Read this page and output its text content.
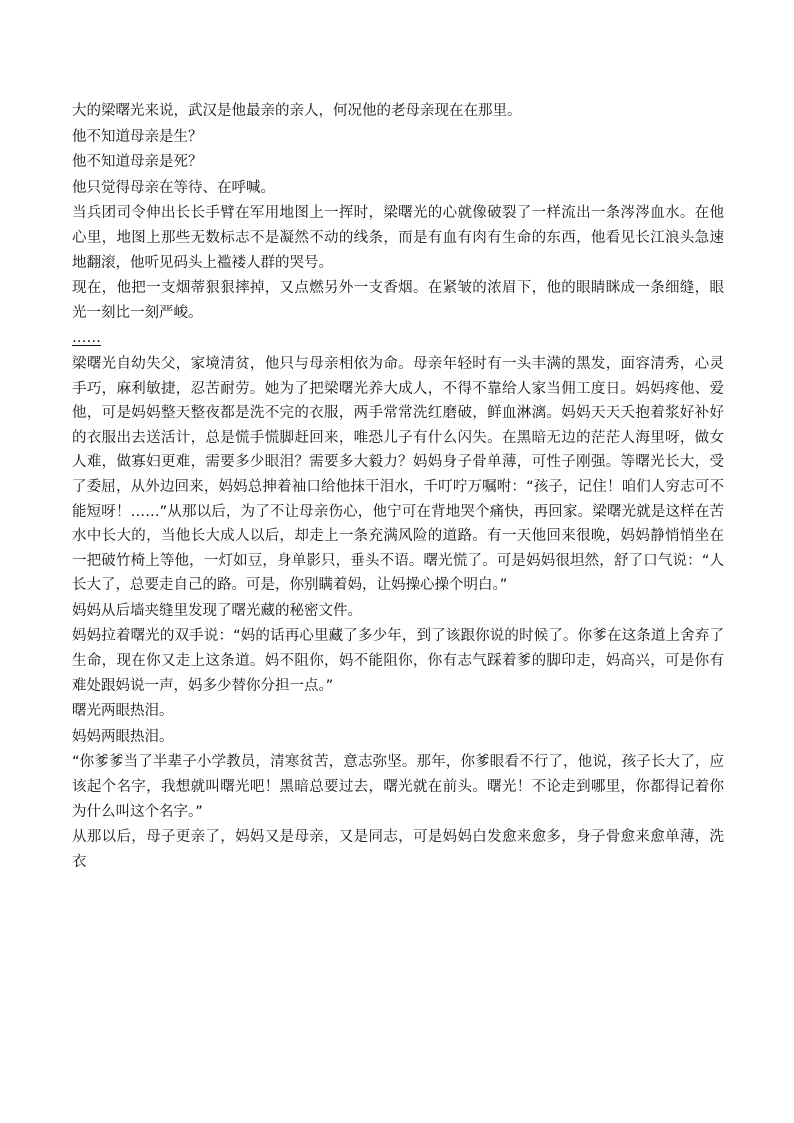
大的梁曙光来说，武汉是他最亲的亲人，何况他的老母亲现在在那里。

他不知道母亲是生？

他不知道母亲是死？

他只觉得母亲在等待、在呼喊。

当兵团司令伸出长长手臂在军用地图上一挥时，梁曙光的心就像破裂了一样流出一条涔涔血水。在他心里，地图上那些无数标志不是凝然不动的线条，而是有血有肉有生命的东西，他看见长江浪头急速地翻滚，他听见码头上褴褛人群的哭号。

现在，他把一支烟蒂狠狠摔掉，又点燃另外一支香烟。在紧皱的浓眉下，他的眼睛眯成一条细缝，眼光一刻比一刻严峻。

……

梁曙光自幼失父，家境清贫，他只与母亲相依为命。母亲年轻时有一头丰满的黑发，面容清秀，心灵手巧，麻利敏捷，忍苦耐劳。她为了把梁曙光养大成人，不得不靠给人家当佣工度日。妈妈疼他、爱他，可是妈妈整天整夜都是洗不完的衣服，两手常常洗红磨破，鲜血淋漓。妈妈天天夭抱着浆好补好的衣服出去送活计，总是慌手慌脚赶回来，唯恐儿子有什么闪失。在黑暗无边的茫茫人海里呀，做女人难，做寡妇更难，需要多少眼泪？需要多大毅力？妈妈身子骨单薄，可性子刚强。等曙光长大，受了委屈，从外边回来，妈妈总抻着袖口给他抹干泪水，千叮咛万嘱咐：“孩子，记住！咱们人穷志可不能短呀！……”从那以后，为了不让母亲伤心，他宁可在背地哭个痛快，再回家。梁曙光就是这样在苦水中长大的，当他长大成人以后，却走上一条充满风险的道路。有一天他回来很晚，妈妈静悄悄坐在一把破竹椅上等他，一灯如豆，身单影只，垂头不语。曙光慌了。可是妈妈很坦然，舒了口气说：“人长大了，总要走自己的路。可是，你别瞒着妈，让妈操心操个明白。”

妈妈从后墙夹缝里发现了曙光藏的秘密文件。

妈妈拉着曙光的双手说：“妈的话再心里藏了多少年，到了该跟你说的时候了。你爹在这条道上舍弃了生命，现在你又走上这条道。妈不阻你，妈不能阻你，你有志气踩着爹的脚印走，妈高兴，可是你有难处跟妈说一声，妈多少替你分担一点。”

曙光两眼热泪。

妈妈两眼热泪。

“你爹爹当了半辈子小学教员，清寒贫苦，意志弥坚。那年，你爹眼看不行了，他说，孩子长大了，应该起个名字，我想就叫曙光吧！黑暗总要过去，曙光就在前头。曙光！不论走到哪里，你都得记着你为什么叫这个名字。”

从那以后，母子更亲了，妈妈又是母亲，又是同志，可是妈妈白发愈来愈多，身子骨愈来愈单薄，洗衣
